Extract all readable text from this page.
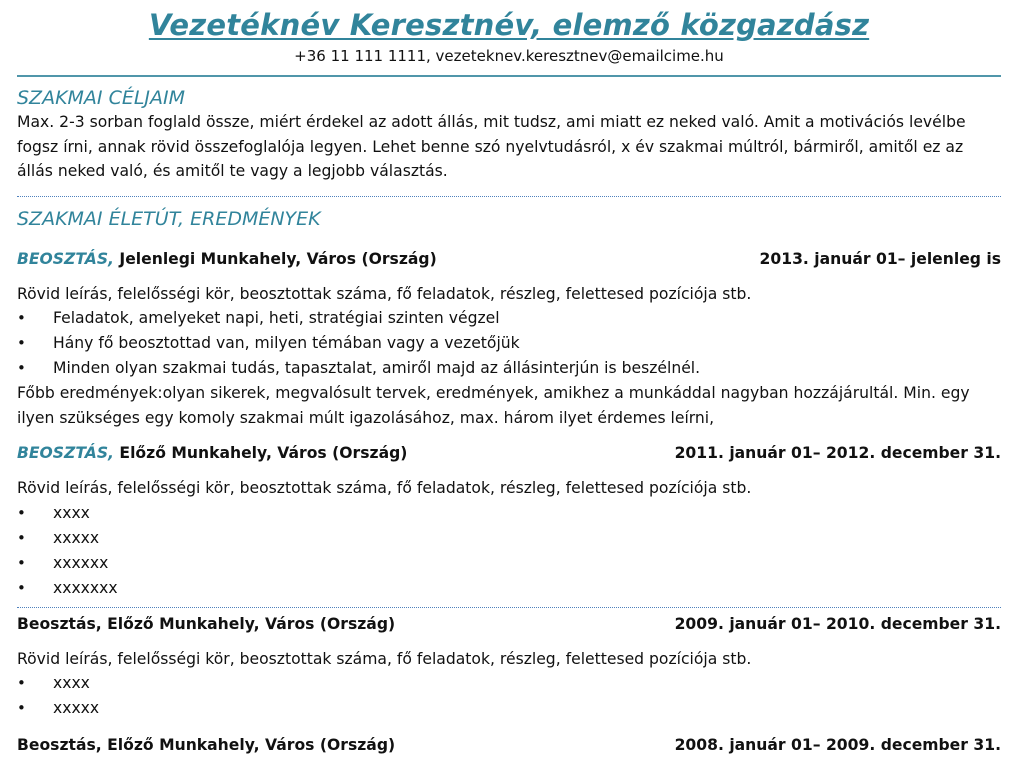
Vezetéknév Keresztnév, elemző közgazdász
+36 11 111 1111, vezeteknev.keresztnev@emailcime.hu
SZAKMAI CÉLJAIM
Max. 2-3 sorban foglald össze, miért érdekel az adott állás, mit tudsz, ami miatt ez neked való. Amit a motivációs levélbe fogsz írni, annak rövid összefoglalója legyen. Lehet benne szó nyelvtudásról, x év szakmai múltról, bármiről, amitől ez az állás neked való, és amitől te vagy a legjobb választás.
SZAKMAI ÉLETÚT, EREDMÉNYEK
BEOSZTÁS, Jelenlegi Munkahely, Város (Ország)	2013. január 01– jelenleg is
Rövid leírás, felelősségi kör, beosztottak száma, fő feladatok, részleg, felettesed pozíciója stb.
• Feladatok, amelyeket napi, heti, stratégiai szinten végzel
• Hány fő beosztottad van, milyen témában vagy a vezetőjük
• Minden olyan szakmai tudás, tapasztalat, amiről majd az állásinterjún is beszélnél.
Főbb eredmények:olyan sikerek, megvalósult tervek, eredmények, amikhez a munkáddal nagyban hozzájárultál. Min. egy ilyen szükséges egy komoly szakmai múlt igazolásához, max. három ilyet érdemes leírni,
BEOSZTÁS, Előző Munkahely, Város (Ország)	2011. január 01– 2012. december 31.
Rövid leírás, felelősségi kör, beosztottak száma, fő feladatok, részleg, felettesed pozíciója stb.
• xxxx
• xxxxx
• xxxxxx
• xxxxxxx
Beosztás, Előző Munkahely, Város (Ország)	2009. január 01– 2010. december 31.
Rövid leírás, felelősségi kör, beosztottak száma, fő feladatok, részleg, felettesed pozíciója stb.
• xxxx
• xxxxx
Beosztás, Előző Munkahely, Város (Ország)	2008. január 01– 2009. december 31.
